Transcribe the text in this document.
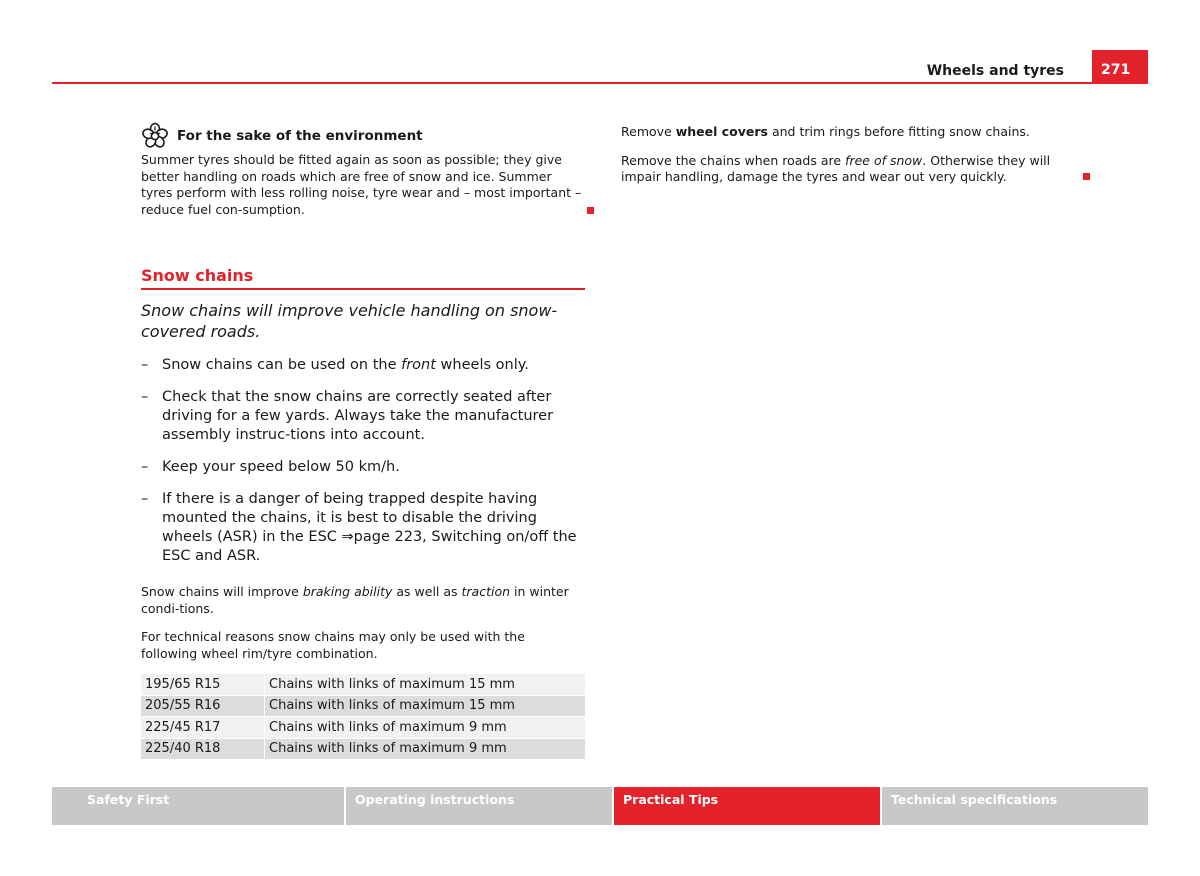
Wheels and tyres	271
For the sake of the environment

Summer tyres should be fitted again as soon as possible; they give better handling on roads which are free of snow and ice. Summer tyres perform with less rolling noise, tyre wear and – most important – reduce fuel con-sumption.

Snow chains
Snow chains will improve vehicle handling on snow-covered roads.
– Snow chains can be used on the front wheels only.
– Check that the snow chains are correctly seated after driving for a few yards. Always take the manufacturer assembly instruc-tions into account.
– Keep your speed below 50 km/h.
– If there is a danger of being trapped despite having mounted the chains, it is best to disable the driving wheels (ASR) in the ESC ⇒page 223, Switching on/off the ESC and ASR.

Snow chains will improve braking ability as well as traction in winter condi-tions.

For technical reasons snow chains may only be used with the following wheel rim/tyre combination.

195/65 R15	Chains with links of maximum 15 mm
205/55 R16	Chains with links of maximum 15 mm
225/45 R17	Chains with links of maximum 9 mm
225/40 R18	Chains with links of maximum 9 mm

Remove wheel covers and trim rings before fitting snow chains.

Remove the chains when roads are free of snow. Otherwise they will impair handling, damage the tyres and wear out very quickly.

Safety First	Operating instructions	Practical Tips	Technical specifications
